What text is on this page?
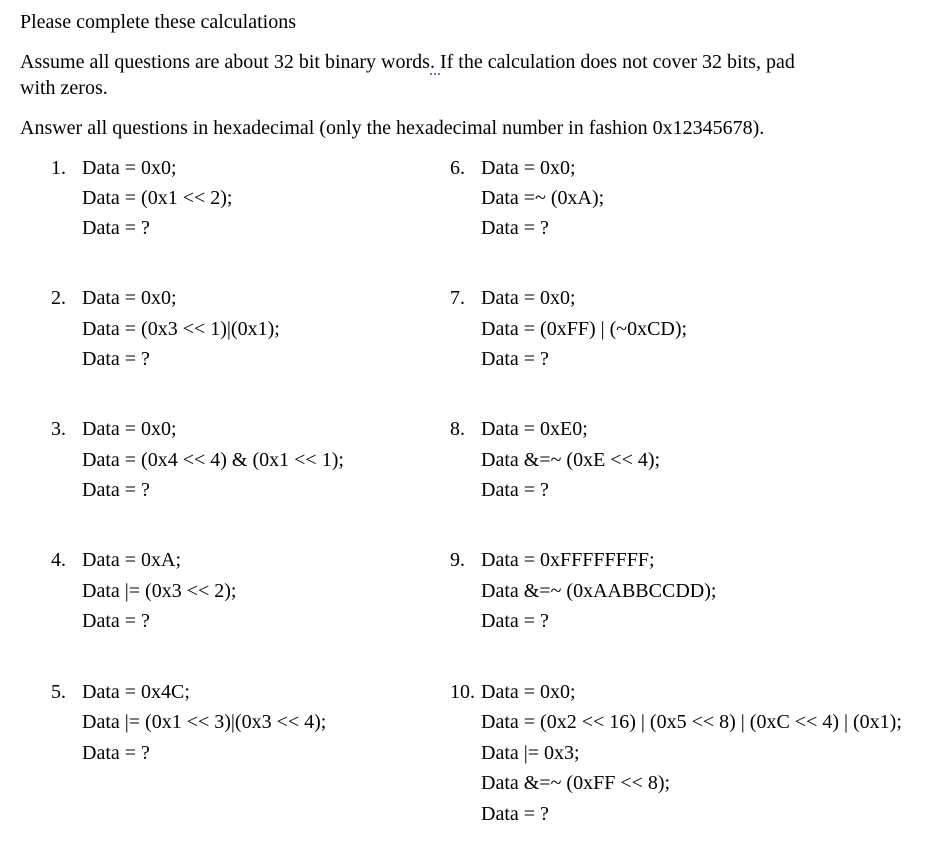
Please complete these calculations
Assume all questions are about 32 bit binary words. If the calculation does not cover 32 bits, pad
with zeros.
Answer all questions in hexadecimal (only the hexadecimal number in fashion 0x12345678).
1. Data = 0x0;
Data = (0x1 << 2);
Data = ?
2. Data = 0x0;
Data = (0x3 << 1)|(0x1);
Data = ?
3. Data = 0x0;
Data = (0x4 << 4) & (0x1 << 1);
Data = ?
4. Data = 0xA;
Data |= (0x3 << 2);
Data = ?
5. Data = 0x4C;
Data |= (0x1 << 3)|(0x3 << 4);
Data = ?
6. Data = 0x0;
Data =~ (0xA);
Data = ?
7. Data = 0x0;
Data = (0xFF) | (~0xCD);
Data = ?
8. Data = 0xE0;
Data &=~ (0xE << 4);
Data = ?
9. Data = 0xFFFFFFFF;
Data &=~ (0xAABBCCDD);
Data = ?
10. Data = 0x0;
Data = (0x2 << 16) | (0x5 << 8) | (0xC << 4) | (0x1);
Data |= 0x3;
Data &=~ (0xFF << 8);
Data = ?
